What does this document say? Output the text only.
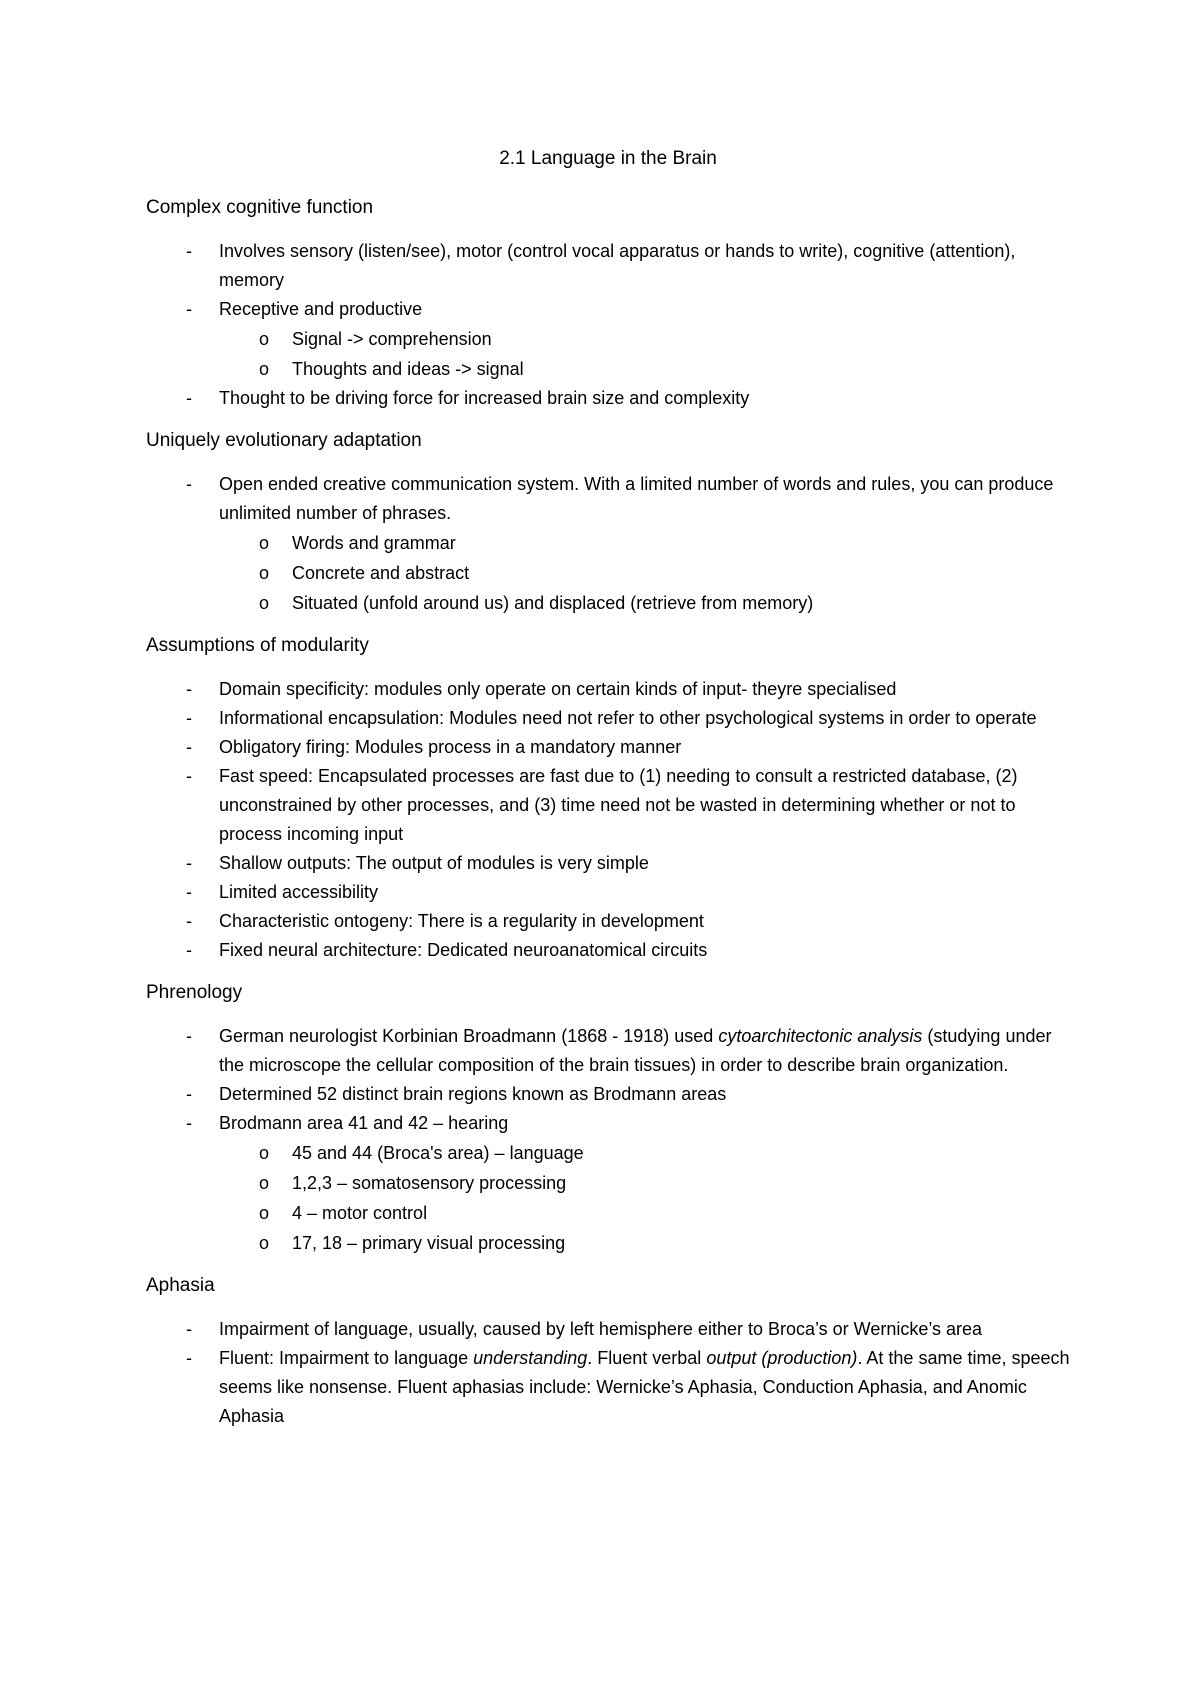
2.1 Language in the Brain
Complex cognitive function
- Involves sensory (listen/see), motor (control vocal apparatus or hands to write), cognitive (attention), memory
- Receptive and productive
o Signal -> comprehension
o Thoughts and ideas -> signal
- Thought to be driving force for increased brain size and complexity
Uniquely evolutionary adaptation
- Open ended creative communication system. With a limited number of words and rules, you can produce unlimited number of phrases.
o Words and grammar
o Concrete and abstract
o Situated (unfold around us) and displaced (retrieve from memory)
Assumptions of modularity
- Domain specificity: modules only operate on certain kinds of input- theyre specialised
- Informational encapsulation: Modules need not refer to other psychological systems in order to operate
- Obligatory firing: Modules process in a mandatory manner
- Fast speed: Encapsulated processes are fast due to (1) needing to consult a restricted database, (2) unconstrained by other processes, and (3) time need not be wasted in determining whether or not to process incoming input
- Shallow outputs: The output of modules is very simple
- Limited accessibility
- Characteristic ontogeny: There is a regularity in development
- Fixed neural architecture: Dedicated neuroanatomical circuits
Phrenology
- German neurologist Korbinian Broadmann (1868 - 1918) used cytoarchitectonic analysis (studying under the microscope the cellular composition of the brain tissues) in order to describe brain organization.
- Determined 52 distinct brain regions known as Brodmann areas
- Brodmann area 41 and 42 – hearing
o 45 and 44 (Broca's area) – language
o 1,2,3 – somatosensory processing
o 4 – motor control
o 17, 18 – primary visual processing
Aphasia
- Impairment of language, usually, caused by left hemisphere either to Broca’s or Wernicke’s area
- Fluent: Impairment to language understanding. Fluent verbal output (production). At the same time, speech seems like nonsense. Fluent aphasias include: Wernicke’s Aphasia, Conduction Aphasia, and Anomic Aphasia
